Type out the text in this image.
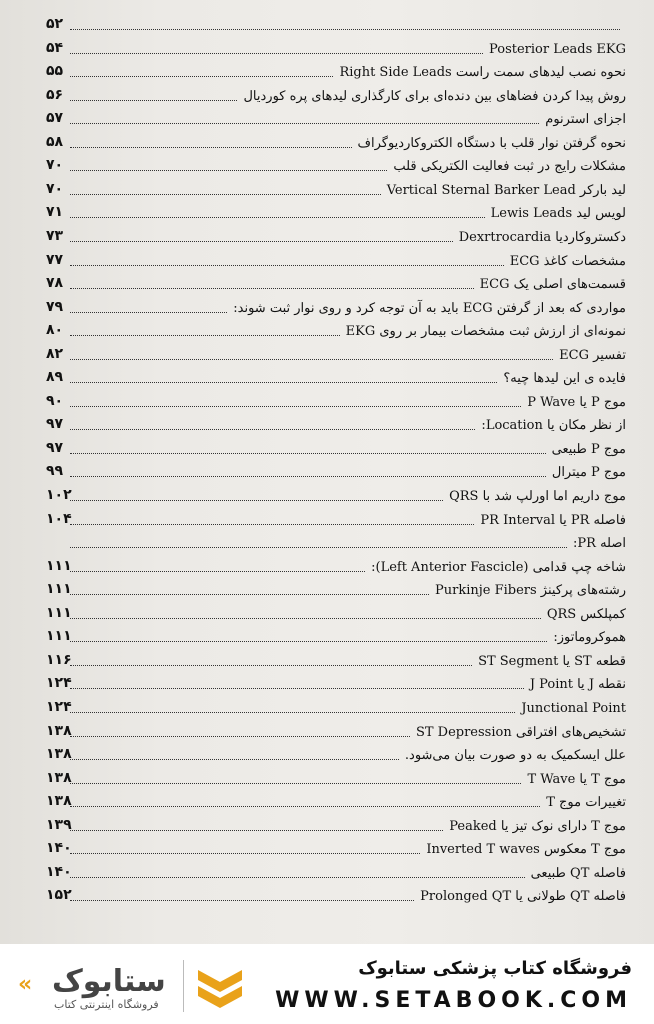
۵۲
۵۴	Posterior Leads EKG
۵۵	نحوه نصب لیدهای سمت راست Right Side Leads
۵۶	روش پیدا کردن فضاهای بین دنده‌ای برای کارگذاری لیدهای پره کوردیال
۵۷	اجزای استرنوم
۵۸	نحوه گرفتن نوار قلب با دستگاه الکتروکاردیوگراف
۷۰	مشکلات رایج در ثبت فعالیت الکتریکی قلب
۷۰	لید بارکر Vertical Sternal Barker Lead
۷۱	لویس لید Lewis Leads
۷۳	دکستروکاردیا Dexrtrocardia
۷۷	مشخصات کاغذ ECG
۷۸	قسمت‌های اصلی یک ECG
۷۹	مواردی که بعد از گرفتن ECG باید به آن توجه کرد و روی نوار ثبت شوند:
۸۰	نمونه‌ای از ارزش ثبت مشخصات بیمار بر روی EKG
۸۲	تفسیر ECG
۸۹	فایده ی این لیدها چیه؟
۹۰	موج P یا P Wave
۹۷	از نظر مکان یا Location:
۹۷	موج P طبیعی
۹۹	موج P میترال
۱۰۲	موج داریم اما اورلپ شد با QRS
۱۰۴	فاصله PR یا PR Interval
اصله PR:
۱۱۱	شاخه چپ قدامی (Left Anterior Fascicle):
۱۱۱	رشته‌های پرکینژ Purkinje Fibers
۱۱۱	کمپلکس QRS
۱۱۱	هموکروماتوز:
۱۱۶	قطعه ST یا ST Segment
۱۲۴	نقطه J یا J Point
۱۲۴	Junctional Point
۱۳۸	تشخیص‌های افتراقی ST Depression
۱۳۸	علل ایسکمیک به دو صورت بیان می‌شود.
۱۳۸	موج T یا T Wave
۱۳۸	تغییرات موج T
۱۳۹	موج T دارای نوک تیز یا Peaked
۱۴۰	موج T معکوس Inverted T waves
۱۴۰	فاصله QT طبیعی
۱۵۲	فاصله QT طولانی یا Prolonged QT
« ستابوک
فروشگاه اینترنتی کتاب
فروشگاه کتاب پزشکی ستابوک
WWW.SETABOOK.COM
